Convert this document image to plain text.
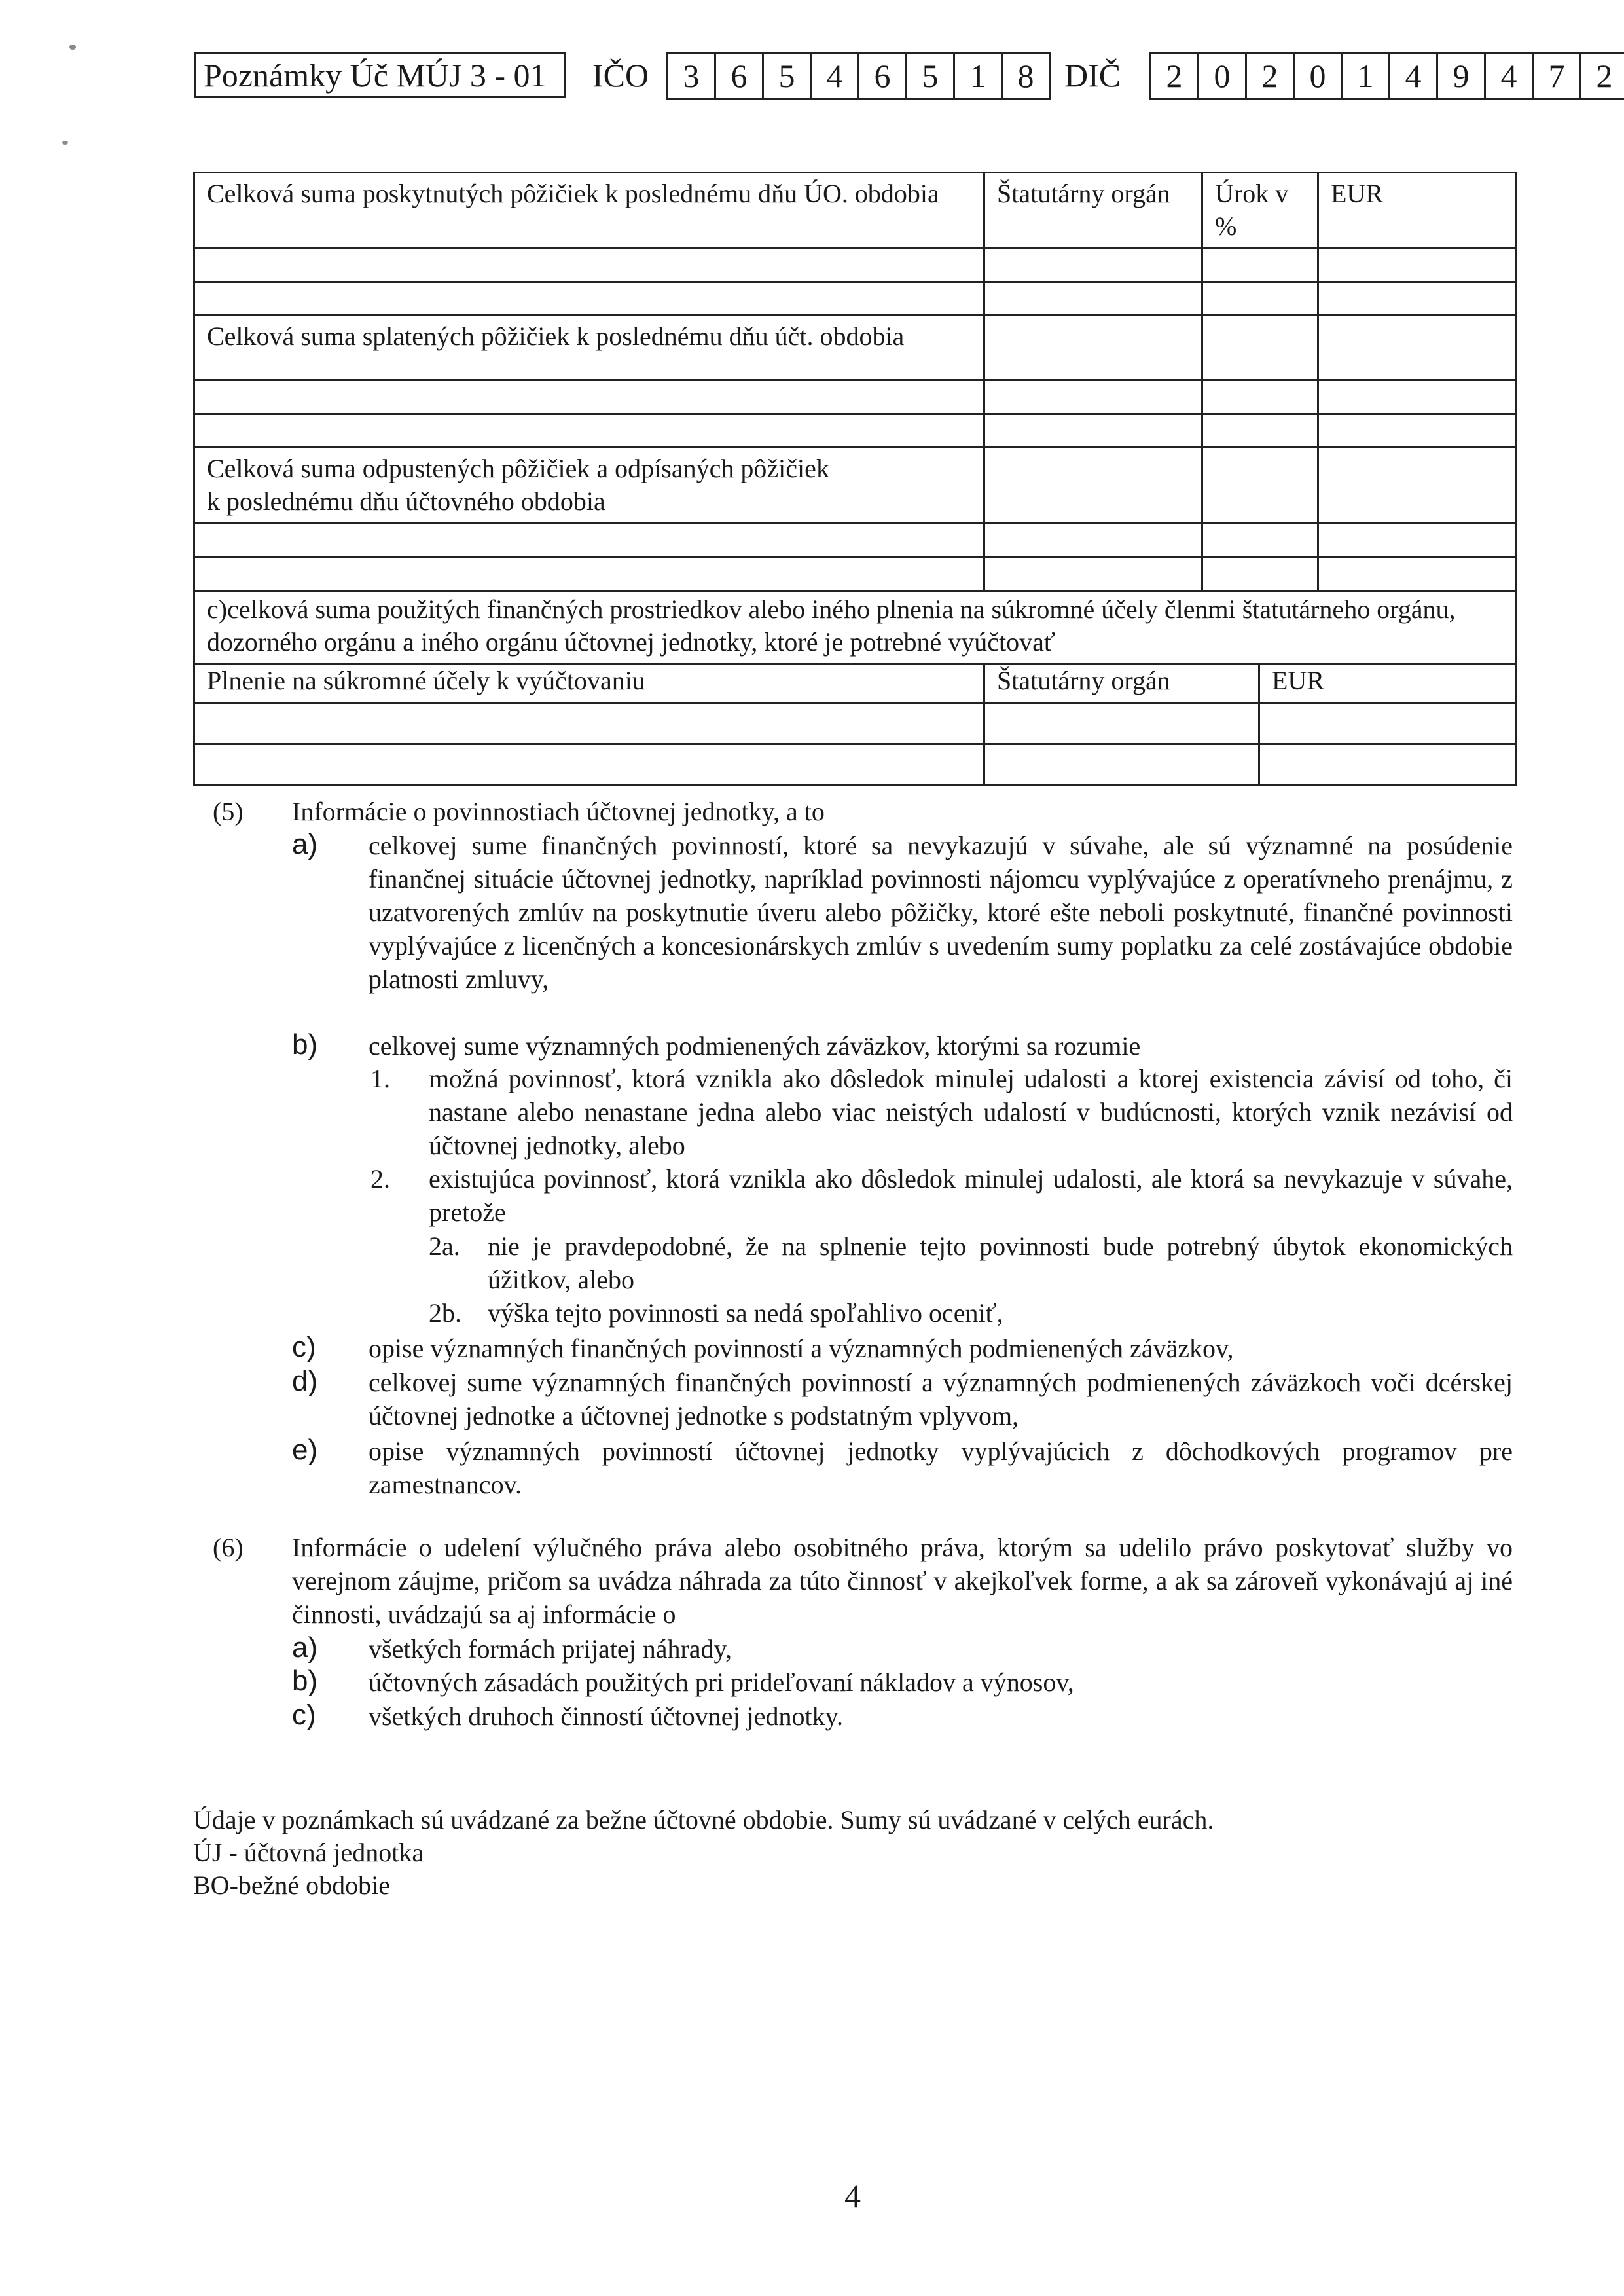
Poznámky Úč MÚJ 3 - 01	IČO	3 6 5 4 6 5 1 8 DIČ	2 0 2 0 1 4 9 4 7 2
Celková suma poskytnutých pôžičiek k poslednému dňu ÚO. obdobia	Štatutárny orgán	Úrok v %	EUR

Celková suma splatených pôžičiek k poslednému dňu účt. obdobia			

Celková suma odpustených pôžičiek a odpísaných pôžičiek
k poslednému dňu účtovného obdobia			

c)celková suma použitých finančných prostriedkov alebo iného plnenia na súkromné účely členmi štatutárneho orgánu, dozorného orgánu a iného orgánu účtovnej jednotky, ktoré je potrebné vyúčtovať			
Plnenie na súkromné účely k vyúčtovaniu	Štatutárny orgán	EUR

(5) Informácie o povinnostiach účtovnej jednotky, a to
a) celkovej sume finančných povinností, ktoré sa nevykazujú v súvahe, ale sú významné na posúdenie finančnej situácie účtovnej jednotky, napríklad povinnosti nájomcu vyplývajúce z operatívneho prenájmu, z uzatvorených zmlúv na poskytnutie úveru alebo pôžičky, ktoré ešte neboli poskytnuté, finančné povinnosti vyplývajúce z licenčných a koncesionárskych zmlúv s uvedením sumy poplatku za celé zostávajúce obdobie platnosti zmluvy,
b) celkovej sume významných podmienených záväzkov, ktorými sa rozumie
1. možná povinnosť, ktorá vznikla ako dôsledok minulej udalosti a ktorej existencia závisí od toho, či nastane alebo nenastane jedna alebo viac neistých udalostí v budúcnosti, ktorých vznik nezávisí od účtovnej jednotky, alebo
2. existujúca povinnosť, ktorá vznikla ako dôsledok minulej udalosti, ale ktorá sa nevykazuje v súvahe, pretože
2a. nie je pravdepodobné, že na splnenie tejto povinnosti bude potrebný úbytok ekonomických úžitkov, alebo
2b. výška tejto povinnosti sa nedá spoľahlivo oceniť,
c) opise významných finančných povinností a významných podmienených záväzkov,
d) celkovej sume významných finančných povinností a významných podmienených záväzkoch voči dcérskej účtovnej jednotke a účtovnej jednotke s podstatným vplyvom,
e) opise významných povinností účtovnej jednotky vyplývajúcich z dôchodkových programov pre zamestnancov.
(6) Informácie o udelení výlučného práva alebo osobitného práva, ktorým sa udelilo právo poskytovať služby vo verejnom záujme, pričom sa uvádza náhrada za túto činnosť v akejkoľvek forme, a ak sa zároveň vykonávajú aj iné činnosti, uvádzajú sa aj informácie o
a) všetkých formách prijatej náhrady,
b) účtovných zásadách použitých pri prideľovaní nákladov a výnosov,
c) všetkých druhoch činností účtovnej jednotky.
Údaje v poznámkach sú uvádzané za bežne účtovné obdobie. Sumy sú uvádzané v celých eurách.
ÚJ - účtovná jednotka
BO-bežné obdobie
4
